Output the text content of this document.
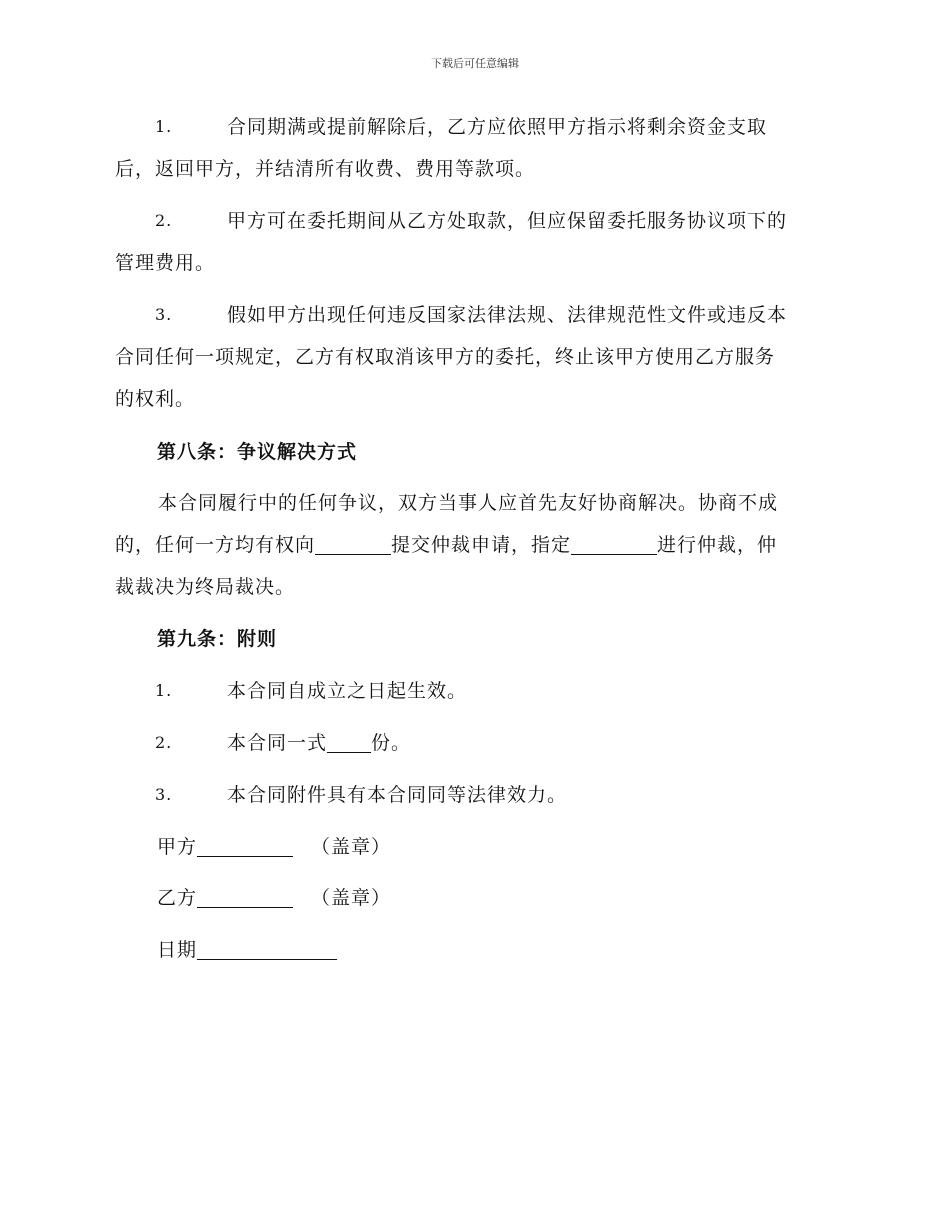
下载后可任意编辑
1.	合同期满或提前解除后，乙方应依照甲方指示将剩余资金支取
后，返回甲方，并结清所有收费、费用等款项。
2.	甲方可在委托期间从乙方处取款，但应保留委托服务协议项下的
管理费用。
3.	假如甲方出现任何违反国家法律法规、法律规范性文件或违反本
合同任何一项规定，乙方有权取消该甲方的委托，终止该甲方使用乙方服务
的权利。
第八条：争议解决方式
本合同履行中的任何争议，双方当事人应首先友好协商解决。协商不成
的，任何一方均有权向	提交仲裁申请，指定	进行仲裁，仲
裁裁决为终局裁决。
第九条：附则
1.	本合同自成立之日起生效。
2.	本合同一式 份。
3.	本合同附件具有本合同同等法律效力。
甲方	（盖章）
乙方	（盖章）
日期
